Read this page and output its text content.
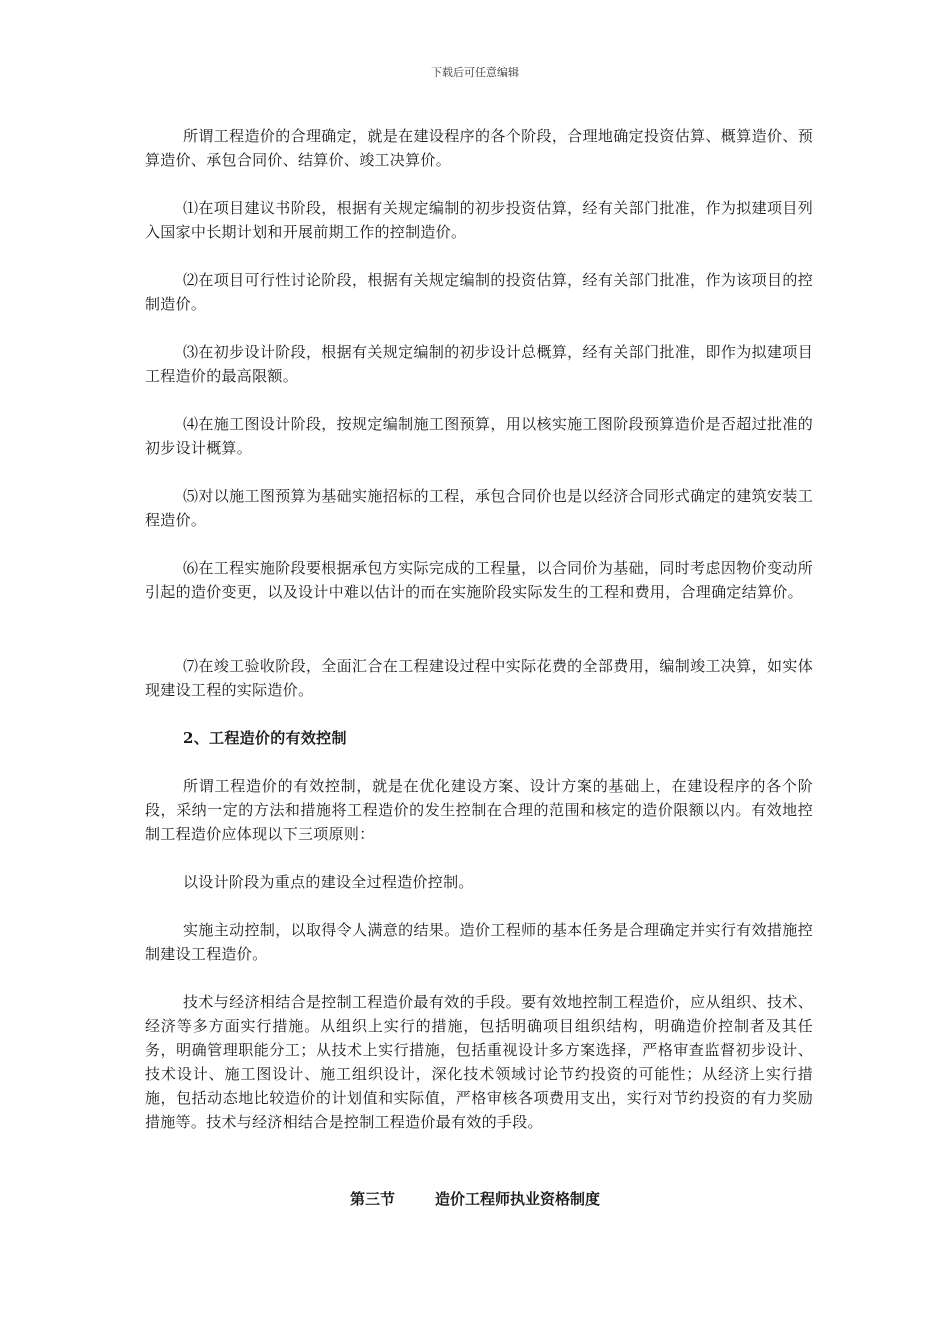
下载后可任意编辑

所谓工程造价的合理确定，就是在建设程序的各个阶段，合理地确定投资估算、概算造价、预算造价、承包合同价、结算价、竣工决算价。

⑴在项目建议书阶段，根据有关规定编制的初步投资估算，经有关部门批准，作为拟建项目列入国家中长期计划和开展前期工作的控制造价。

⑵在项目可行性讨论阶段，根据有关规定编制的投资估算，经有关部门批准，作为该项目的控制造价。

⑶在初步设计阶段，根据有关规定编制的初步设计总概算，经有关部门批准，即作为拟建项目工程造价的最高限额。

⑷在施工图设计阶段，按规定编制施工图预算，用以核实施工图阶段预算造价是否超过批准的初步设计概算。

⑸对以施工图预算为基础实施招标的工程，承包合同价也是以经济合同形式确定的建筑安装工程造价。

⑹在工程实施阶段要根据承包方实际完成的工程量，以合同价为基础，同时考虑因物价变动所引起的造价变更，以及设计中难以估计的而在实施阶段实际发生的工程和费用，合理确定结算价。

⑺在竣工验收阶段，全面汇合在工程建设过程中实际花费的全部费用，编制竣工决算，如实体现建设工程的实际造价。

2、工程造价的有效控制

所谓工程造价的有效控制，就是在优化建设方案、设计方案的基础上，在建设程序的各个阶段，采纳一定的方法和措施将工程造价的发生控制在合理的范围和核定的造价限额以内。有效地控制工程造价应体现以下三项原则：

以设计阶段为重点的建设全过程造价控制。

实施主动控制，以取得令人满意的结果。造价工程师的基本任务是合理确定并实行有效措施控制建设工程造价。

技术与经济相结合是控制工程造价最有效的手段。要有效地控制工程造价，应从组织、技术、经济等多方面实行措施。从组织上实行的措施，包括明确项目组织结构，明确造价控制者及其任务，明确管理职能分工；从技术上实行措施，包括重视设计多方案选择，严格审查监督初步设计、技术设计、施工图设计、施工组织设计，深化技术领域讨论节约投资的可能性；从经济上实行措施，包括动态地比较造价的计划值和实际值，严格审核各项费用支出，实行对节约投资的有力奖励措施等。技术与经济相结合是控制工程造价最有效的手段。

第三节	造价工程师执业资格制度
